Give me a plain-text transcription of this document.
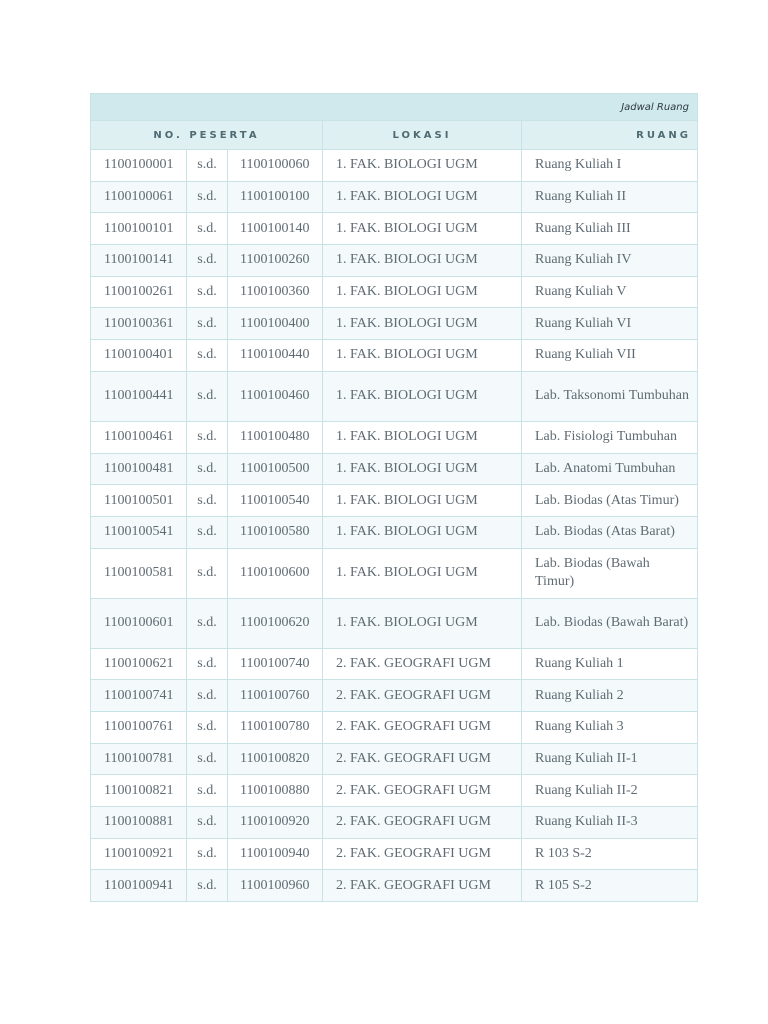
Jadwal Ruang				
NO. PESERTA			LOKASI	RUANG
1100100001	s.d.	1100100060	1. FAK. BIOLOGI UGM	Ruang Kuliah I
1100100061	s.d.	1100100100	1. FAK. BIOLOGI UGM	Ruang Kuliah II
1100100101	s.d.	1100100140	1. FAK. BIOLOGI UGM	Ruang Kuliah III
1100100141	s.d.	1100100260	1. FAK. BIOLOGI UGM	Ruang Kuliah IV
1100100261	s.d.	1100100360	1. FAK. BIOLOGI UGM	Ruang Kuliah V
1100100361	s.d.	1100100400	1. FAK. BIOLOGI UGM	Ruang Kuliah VI
1100100401	s.d.	1100100440	1. FAK. BIOLOGI UGM	Ruang Kuliah VII
1100100441	s.d.	1100100460	1. FAK. BIOLOGI UGM	Lab. Taksonomi Tumbuhan
1100100461	s.d.	1100100480	1. FAK. BIOLOGI UGM	Lab. Fisiologi Tumbuhan
1100100481	s.d.	1100100500	1. FAK. BIOLOGI UGM	Lab. Anatomi Tumbuhan
1100100501	s.d.	1100100540	1. FAK. BIOLOGI UGM	Lab. Biodas (Atas Timur)
1100100541	s.d.	1100100580	1. FAK. BIOLOGI UGM	Lab. Biodas (Atas Barat)
1100100581	s.d.	1100100600	1. FAK. BIOLOGI UGM	Lab. Biodas (Bawah Timur)
1100100601	s.d.	1100100620	1. FAK. BIOLOGI UGM	Lab. Biodas (Bawah Barat)
1100100621	s.d.	1100100740	2. FAK. GEOGRAFI UGM	Ruang Kuliah 1
1100100741	s.d.	1100100760	2. FAK. GEOGRAFI UGM	Ruang Kuliah 2
1100100761	s.d.	1100100780	2. FAK. GEOGRAFI UGM	Ruang Kuliah 3
1100100781	s.d.	1100100820	2. FAK. GEOGRAFI UGM	Ruang Kuliah II-1
1100100821	s.d.	1100100880	2. FAK. GEOGRAFI UGM	Ruang Kuliah II-2
1100100881	s.d.	1100100920	2. FAK. GEOGRAFI UGM	Ruang Kuliah II-3
1100100921	s.d.	1100100940	2. FAK. GEOGRAFI UGM	R 103 S-2
1100100941	s.d.	1100100960	2. FAK. GEOGRAFI UGM	R 105 S-2
